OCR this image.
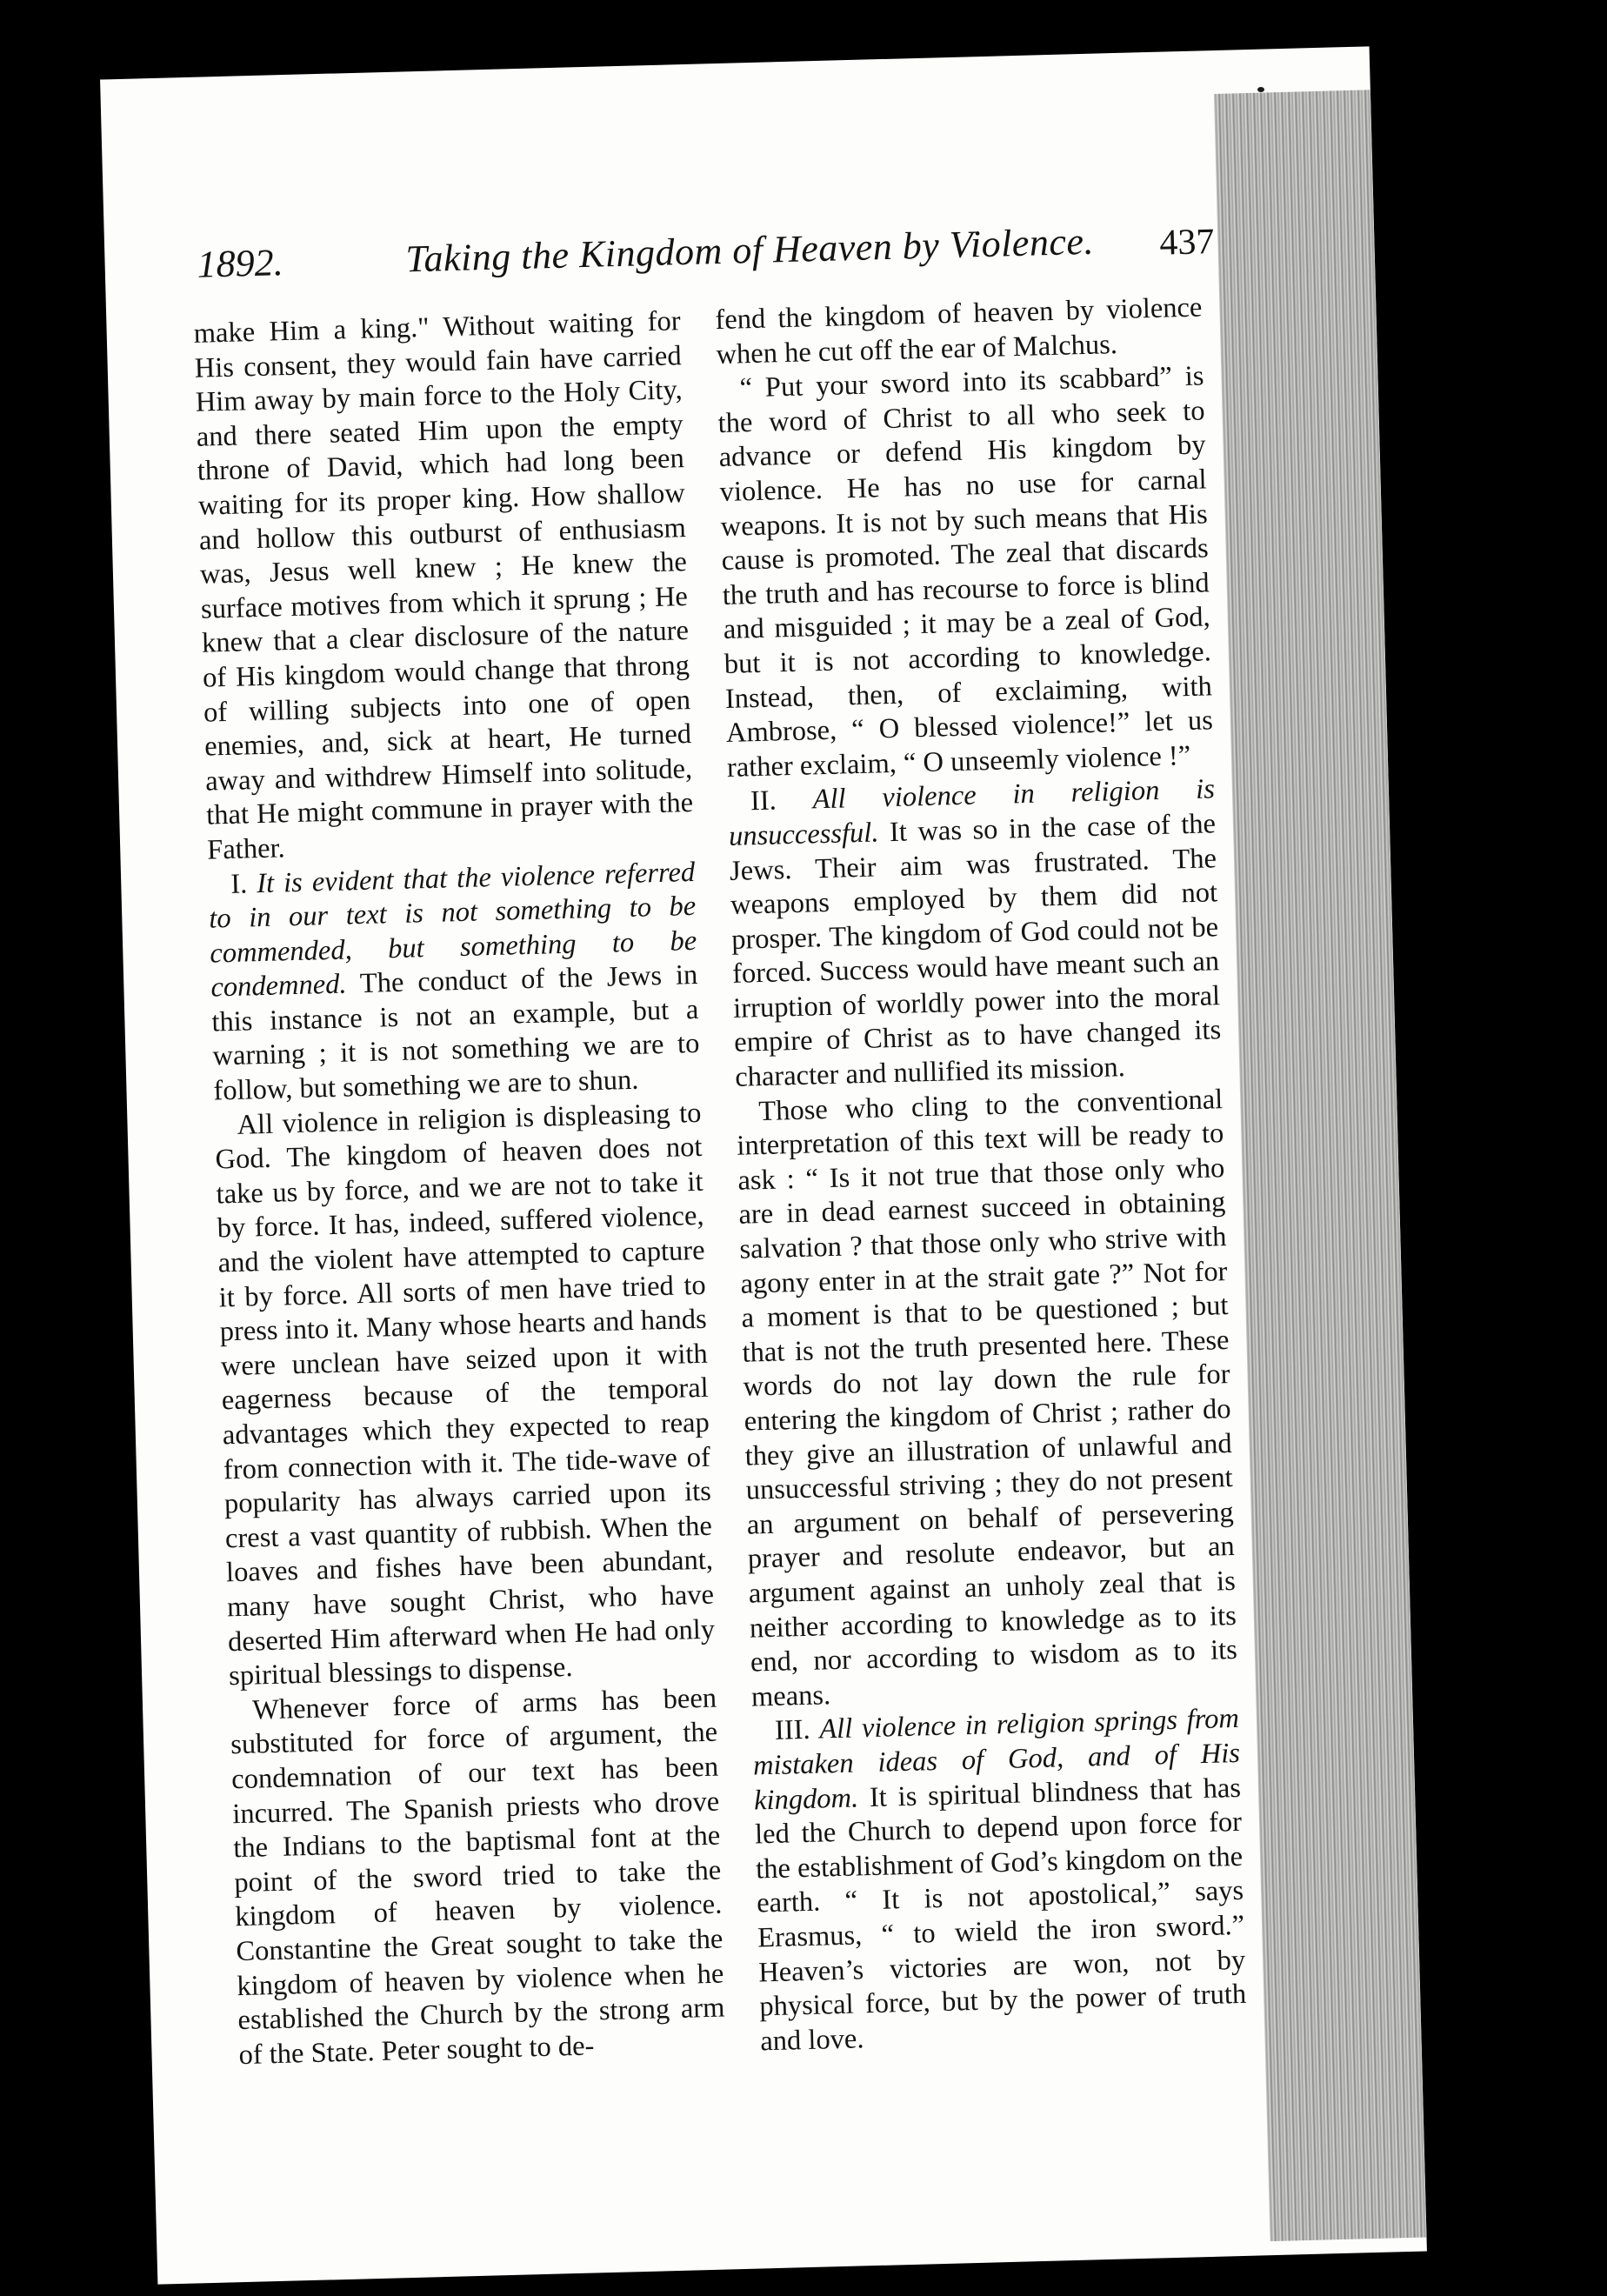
1892.	Taking the Kingdom of Heaven by Violence. 437

make Him a king." Without waiting for His consent, they would fain have carried Him away by main force to the Holy City, and there seated Him upon the empty throne of David, which had long been waiting for its proper king. How shallow and hollow this outburst of enthusiasm was, Jesus well knew ; He knew the surface motives from which it sprung ; He knew that a clear disclosure of the nature of His kingdom would change that throng of willing subjects into one of open enemies, and, sick at heart, He turned away and withdrew Himself into solitude, that He might commune in prayer with the Father.

I. It is evident that the violence referred to in our text is not something to be commended, but something to be condemned. The conduct of the Jews in this instance is not an example, but a warning ; it is not something we are to follow, but something we are to shun.

All violence in religion is displeasing to God. The kingdom of heaven does not take us by force, and we are not to take it by force. It has, indeed, suffered violence, and the violent have attempted to capture it by force. All sorts of men have tried to press into it. Many whose hearts and hands were unclean have seized upon it with eagerness because of the temporal advantages which they expected to reap from connection with it. The tide-wave of popularity has always carried upon its crest a vast quantity of rubbish. When the loaves and fishes have been abundant, many have sought Christ, who have deserted Him afterward when He had only spiritual blessings to dispense.

Whenever force of arms has been substituted for force of argument, the condemnation of our text has been incurred. The Spanish priests who drove the Indians to the baptismal font at the point of the sword tried to take the kingdom of heaven by violence. Constantine the Great sought to take the kingdom of heaven by violence when he established the Church by the strong arm of the State. Peter sought to de-

fend the kingdom of heaven by violence when he cut off the ear of Malchus.

“ Put your sword into its scabbard” is the word of Christ to all who seek to advance or defend His kingdom by violence. He has no use for carnal weapons. It is not by such means that His cause is promoted. The zeal that discards the truth and has recourse to force is blind and misguided ; it may be a zeal of God, but it is not according to knowledge. Instead, then, of exclaiming, with Ambrose, “ O blessed violence!” let us rather exclaim, “ O unseemly violence !”

II. All violence in religion is unsuccessful. It was so in the case of the Jews. Their aim was frustrated. The weapons employed by them did not prosper. The kingdom of God could not be forced. Success would have meant such an irruption of worldly power into the moral empire of Christ as to have changed its character and nullified its mission.

Those who cling to the conventional interpretation of this text will be ready to ask : “ Is it not true that those only who are in dead earnest succeed in obtaining salvation ? that those only who strive with agony enter in at the strait gate ?” Not for a moment is that to be questioned ; but that is not the truth presented here. These words do not lay down the rule for entering the kingdom of Christ ; rather do they give an illustration of unlawful and unsuccessful striving ; they do not present an argument on behalf of persevering prayer and resolute endeavor, but an argument against an unholy zeal that is neither according to knowledge as to its end, nor according to wisdom as to its means.

III. All violence in religion springs from mistaken ideas of God, and of His kingdom. It is spiritual blindness that has led the Church to depend upon force for the establishment of God’s kingdom on the earth. “ It is not apostolical,” says Erasmus, “ to wield the iron sword.” Heaven’s victories are won, not by physical force, but by the power of truth and love.
